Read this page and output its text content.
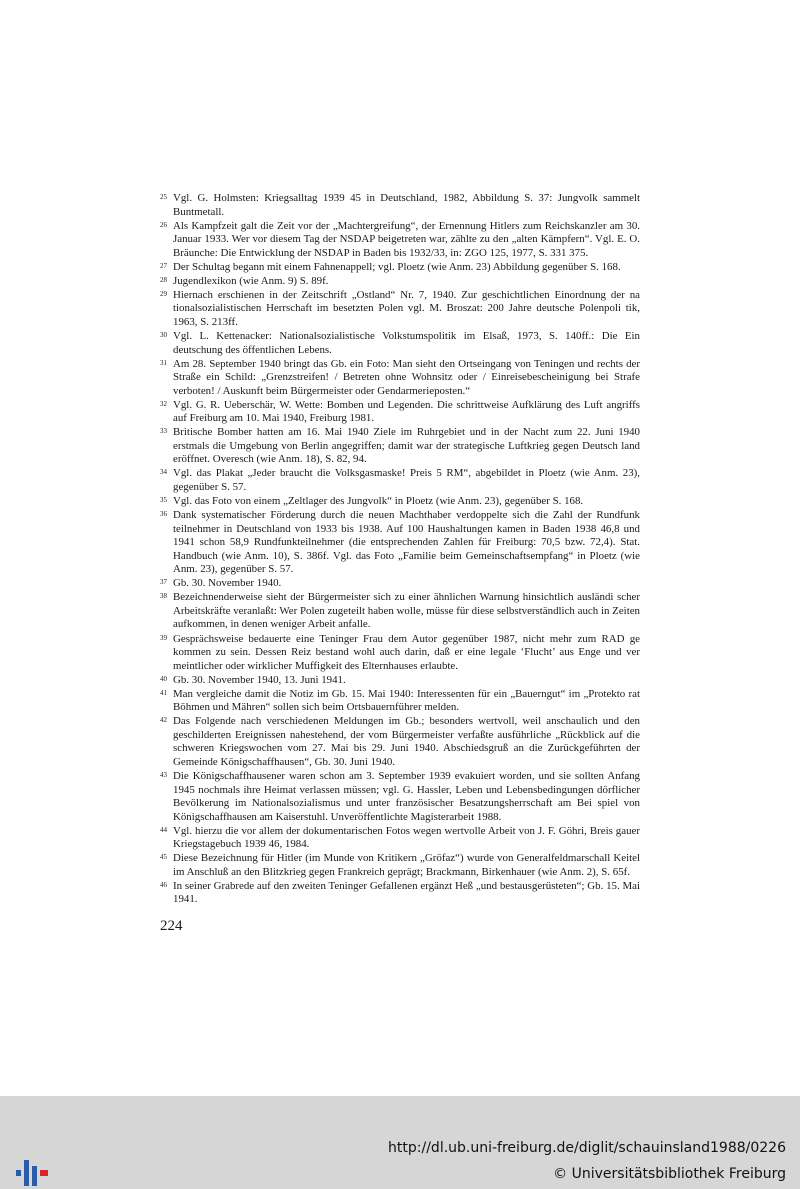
25 Vgl. G. Holmsten: Kriegsalltag 1939 45 in Deutschland, 1982, Abbildung S. 37: Jungvolk sammelt Buntmetall.
26 Als Kampfzeit galt die Zeit vor der „Machtergreifung“, der Ernennung Hitlers zum Reichskanzler am 30. Januar 1933. Wer vor diesem Tag der NSDAP beigetreten war, zählte zu den „alten Kämpfern“. Vgl. E. O. Bräunche: Die Entwicklung der NSDAP in Baden bis 1932/33, in: ZGO 125, 1977, S. 331 375.
27 Der Schultag begann mit einem Fahnenappell; vgl. Ploetz (wie Anm. 23) Abbildung gegenüber S. 168.
28 Jugendlexikon (wie Anm. 9) S. 89f.
29 Hiernach erschienen in der Zeitschrift „Ostland“ Nr. 7, 1940. Zur geschichtlichen Einordnung der na tionalsozialistischen Herrschaft im besetzten Polen vgl. M. Broszat: 200 Jahre deutsche Polenpoli tik, 1963, S. 213ff.
30 Vgl. L. Kettenacker: Nationalsozialistische Volkstumspolitik im Elsaß, 1973, S. 140ff.: Die Ein deutschung des öffentlichen Lebens.
31 Am 28. September 1940 bringt das Gb. ein Foto: Man sieht den Ortseingang von Teningen und rechts der Straße ein Schild: „Grenzstreifen! / Betreten ohne Wohnsitz oder / Einreisebescheinigung bei Strafe verboten! / Auskunft beim Bürgermeister oder Gendarmerieposten.“
32 Vgl. G. R. Ueberschär, W. Wette: Bomben und Legenden. Die schrittweise Aufklärung des Luft angriffs auf Freiburg am 10. Mai 1940, Freiburg 1981.
33 Britische Bomber hatten am 16. Mai 1940 Ziele im Ruhrgebiet und in der Nacht zum 22. Juni 1940 erstmals die Umgebung von Berlin angegriffen; damit war der strategische Luftkrieg gegen Deutsch land eröffnet. Overesch (wie Anm. 18), S. 82, 94.
34 Vgl. das Plakat „Jeder braucht die Volksgasmaske! Preis 5 RM“, abgebildet in Ploetz (wie Anm. 23), gegenüber S. 57.
35 Vgl. das Foto von einem „Zeltlager des Jungvolk“ in Ploetz (wie Anm. 23), gegenüber S. 168.
36 Dank systematischer Förderung durch die neuen Machthaber verdoppelte sich die Zahl der Rundfunk teilnehmer in Deutschland von 1933 bis 1938. Auf 100 Haushaltungen kamen in Baden 1938 46,8 und 1941 schon 58,9 Rundfunkteilnehmer (die entsprechenden Zahlen für Freiburg: 70,5 bzw. 72,4). Stat. Handbuch (wie Anm. 10), S. 386f. Vgl. das Foto „Familie beim Gemeinschaftsempfang“ in Ploetz (wie Anm. 23), gegenüber S. 57.
37 Gb. 30. November 1940.
38 Bezeichnenderweise sieht der Bürgermeister sich zu einer ähnlichen Warnung hinsichtlich ausländi scher Arbeitskräfte veranlaßt: Wer Polen zugeteilt haben wolle, müsse für diese selbstverständlich auch in Zeiten aufkommen, in denen weniger Arbeit anfalle.
39 Gesprächsweise bedauerte eine Teninger Frau dem Autor gegenüber 1987, nicht mehr zum RAD ge kommen zu sein. Dessen Reiz bestand wohl auch darin, daß er eine legale ‘Flucht’ aus Enge und ver meintlicher oder wirklicher Muffigkeit des Elternhauses erlaubte.
40 Gb. 30. November 1940, 13. Juni 1941.
41 Man vergleiche damit die Notiz im Gb. 15. Mai 1940: Interessenten für ein „Bauerngut“ im „Protekto rat Böhmen und Mähren“ sollen sich beim Ortsbauernführer melden.
42 Das Folgende nach verschiedenen Meldungen im Gb.; besonders wertvoll, weil anschaulich und den geschilderten Ereignissen nahestehend, der vom Bürgermeister verfaßte ausführliche „Rückblick auf die schweren Kriegswochen vom 27. Mai bis 29. Juni 1940. Abschiedsgruß an die Zurückgeführten der Gemeinde Königschaffhausen“, Gb. 30. Juni 1940.
43 Die Königschaffhausener waren schon am 3. September 1939 evakuiert worden, und sie sollten Anfang 1945 nochmals ihre Heimat verlassen müssen; vgl. G. Hassler, Leben und Lebensbedingungen dörflicher Bevölkerung im Nationalsozialismus und unter französischer Besatzungsherrschaft am Bei spiel von Königschaffhausen am Kaiserstuhl. Unveröffentlichte Magisterarbeit 1988.
44 Vgl. hierzu die vor allem der dokumentarischen Fotos wegen wertvolle Arbeit von J. F. Göhri, Breis gauer Kriegstagebuch 1939 46, 1984.
45 Diese Bezeichnung für Hitler (im Munde von Kritikern „Gröfaz“) wurde von Generalfeldmarschall Keitel im Anschluß an den Blitzkrieg gegen Frankreich geprägt; Brackmann, Birkenhauer (wie Anm. 2), S. 65f.
46 In seiner Grabrede auf den zweiten Teninger Gefallenen ergänzt Heß „und bestausgerüsteten“; Gb. 15. Mai 1941.
224
http://dl.ub.uni-freiburg.de/diglit/schauinsland1988/0226
© Universitätsbibliothek Freiburg
